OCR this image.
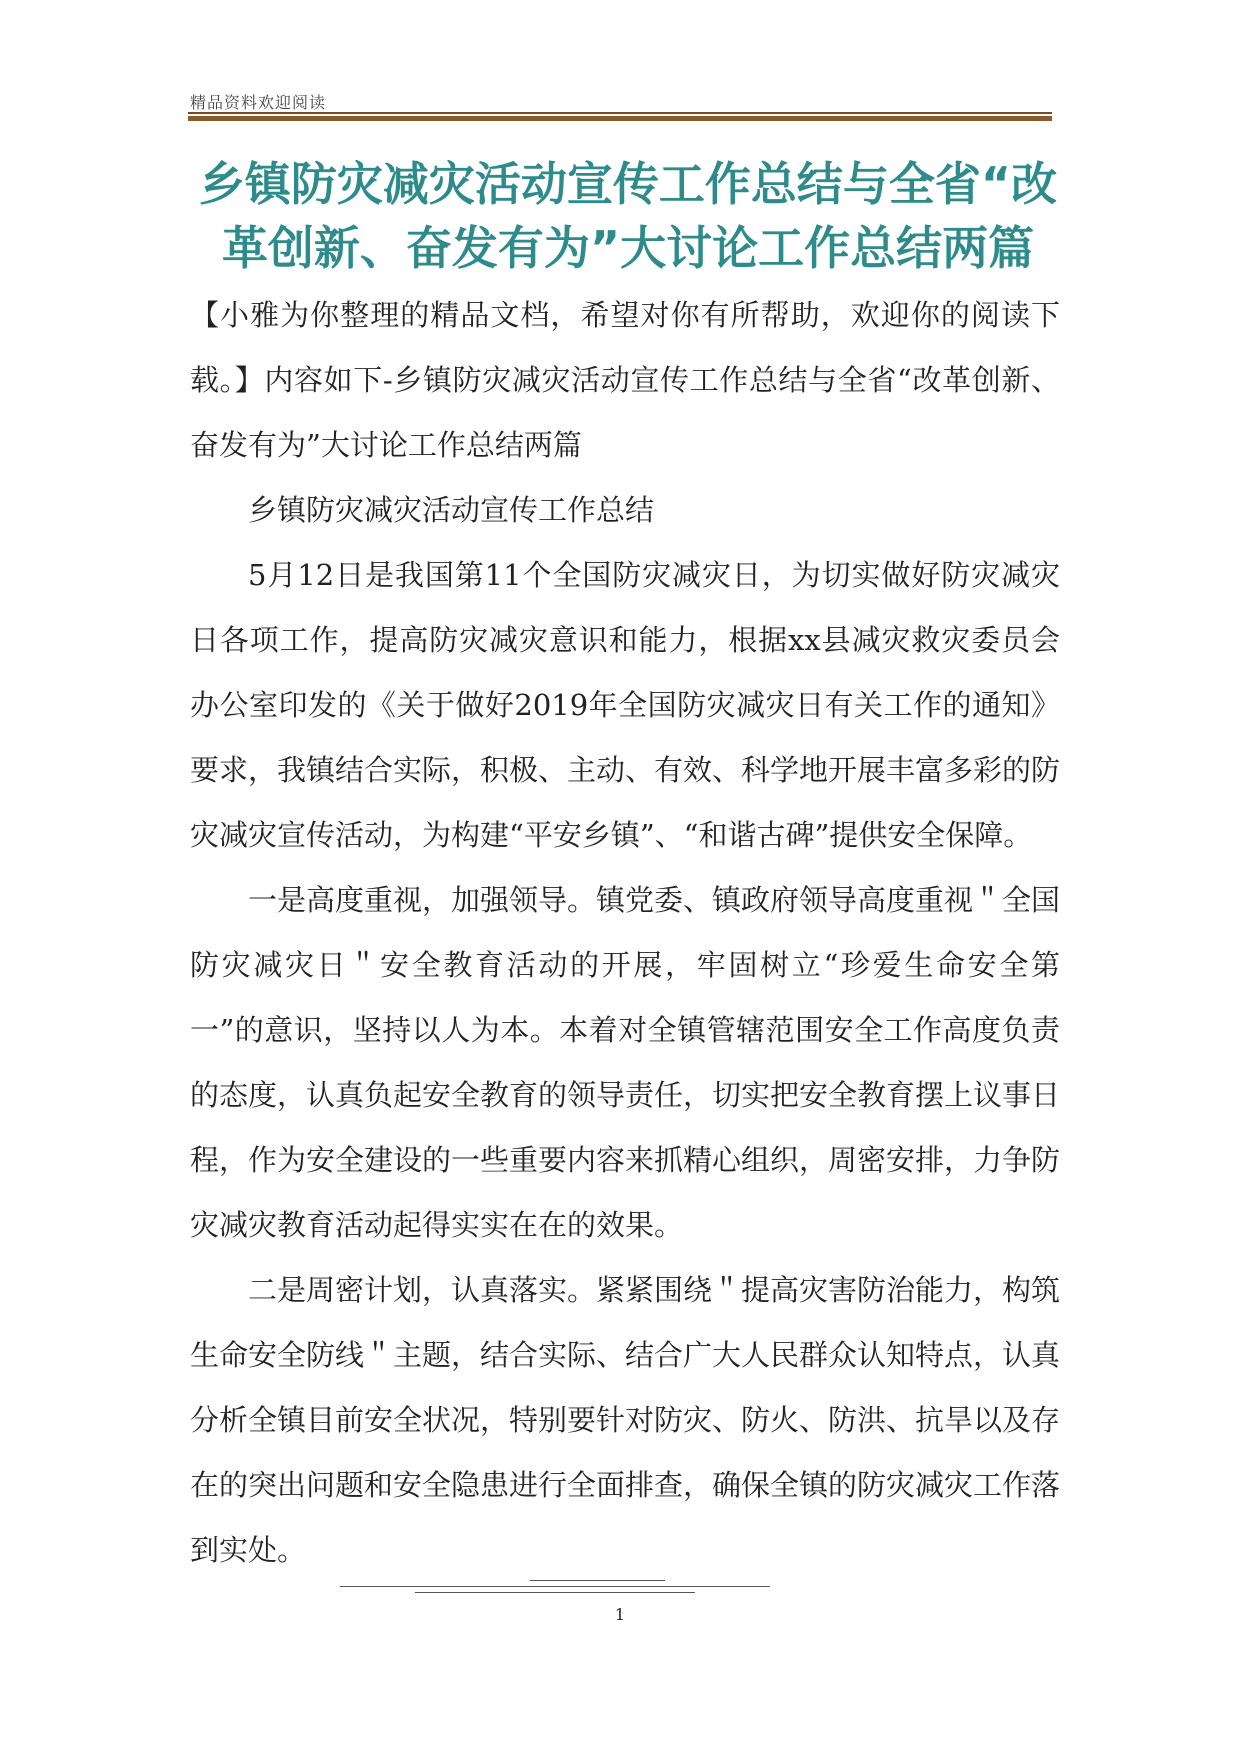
精品资料欢迎阅读
乡镇防灾减灾活动宣传工作总结与全省“改革创新、奋发有为”大讨论工作总结两篇

【小雅为你整理的精品文档，希望对你有所帮助，欢迎你的阅读下载。】内容如下-乡镇防灾减灾活动宣传工作总结与全省“改革创新、奋发有为”大讨论工作总结两篇

乡镇防灾减灾活动宣传工作总结

5月12日是我国第11个全国防灾减灾日，为切实做好防灾减灾日各项工作，提高防灾减灾意识和能力，根据xx县减灾救灾委员会办公室印发的《关于做好2019年全国防灾减灾日有关工作的通知》要求，我镇结合实际，积极、主动、有效、科学地开展丰富多彩的防灾减灾宣传活动，为构建“平安乡镇”、“和谐古碑”提供安全保障。

一是高度重视，加强领导。镇党委、镇政府领导高度重视＂全国防灾减灾日＂安全教育活动的开展，牢固树立“珍爱生命安全第一”的意识，坚持以人为本。本着对全镇管辖范围安全工作高度负责的态度，认真负起安全教育的领导责任，切实把安全教育摆上议事日程，作为安全建设的一些重要内容来抓精心组织，周密安排，力争防灾减灾教育活动起得实实在在的效果。

二是周密计划，认真落实。紧紧围绕＂提高灾害防治能力，构筑生命安全防线＂主题，结合实际、结合广大人民群众认知特点，认真分析全镇目前安全状况，特别要针对防灾、防火、防洪、抗旱以及存在的突出问题和安全隐患进行全面排查，确保全镇的防灾减灾工作落到实处。

1
